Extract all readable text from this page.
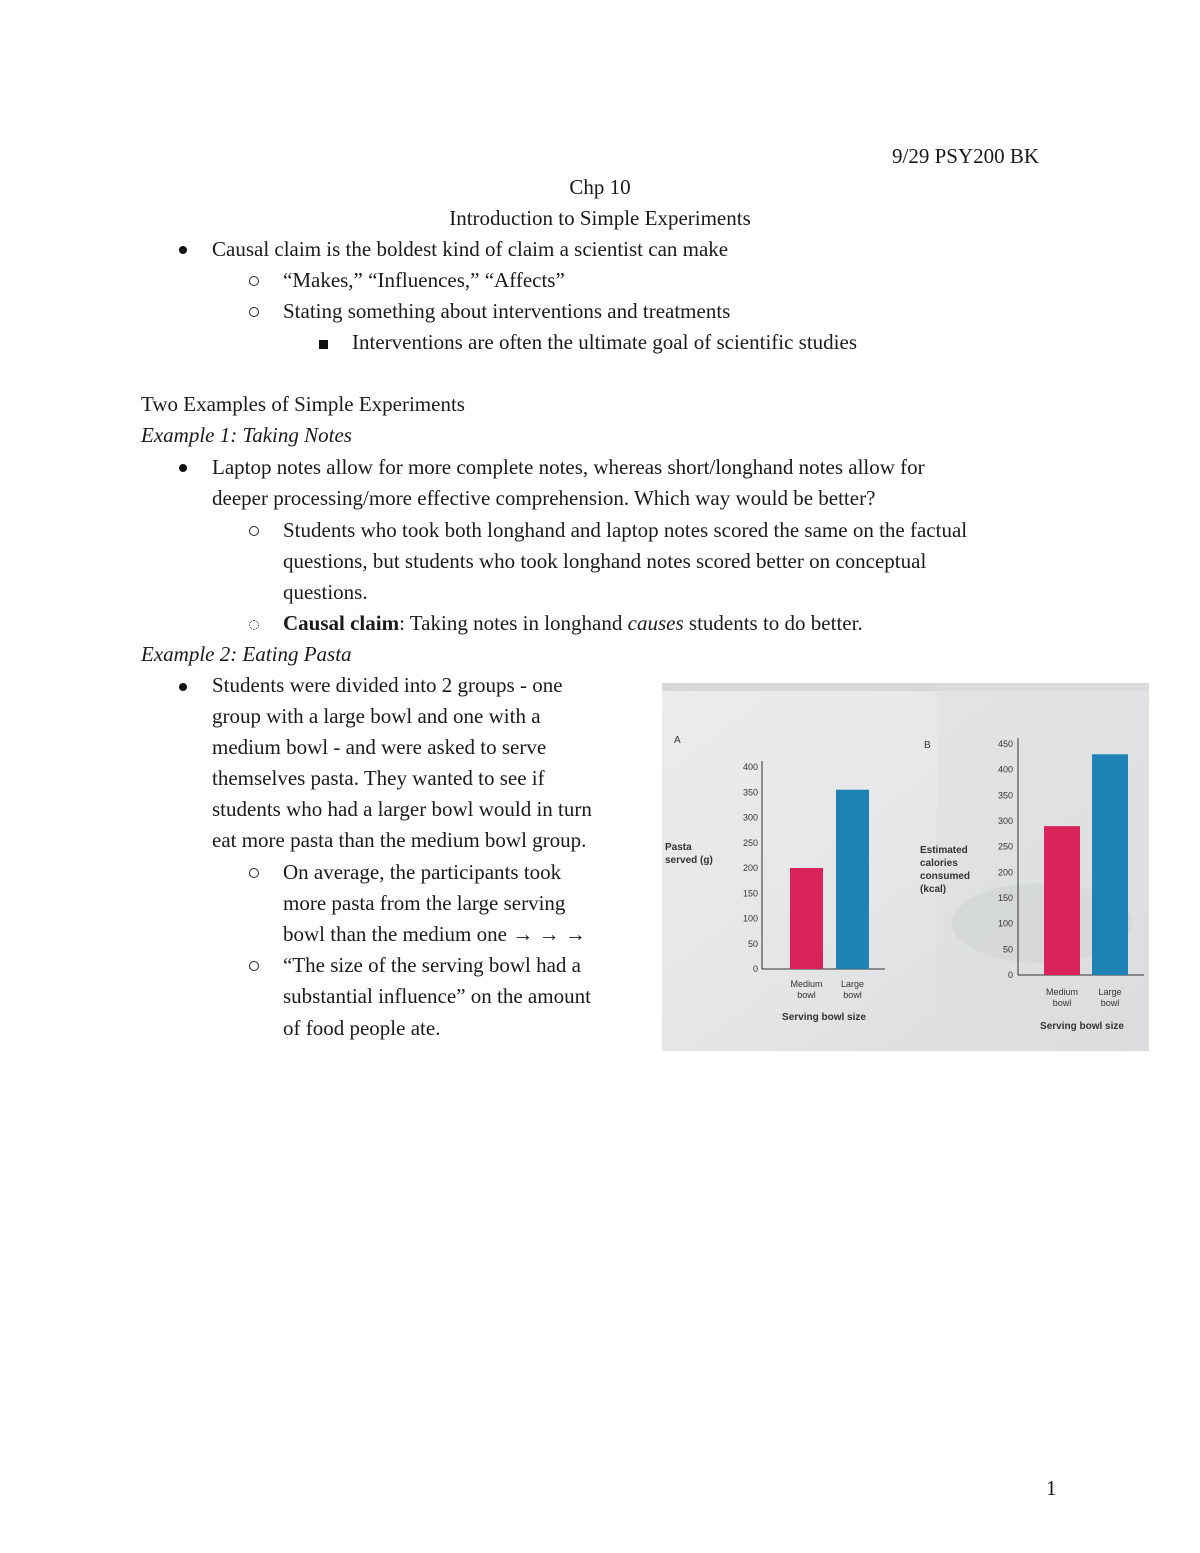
9/29 PSY200 BK

Chp 10

Introduction to Simple Experiments

Causal claim is the boldest kind of claim a scientist can make

“Makes,” “Influences,” “Affects”

Stating something about interventions and treatments

Interventions are often the ultimate goal of scientific studies

Two Examples of Simple Experiments

Example 1: Taking Notes

Laptop notes allow for more complete notes, whereas short/longhand notes allow for

deeper processing/more effective comprehension. Which way would be better?

Students who took both longhand and laptop notes scored the same on the factual

questions, but students who took longhand notes scored better on conceptual

questions.

Causal claim: Taking notes in longhand causes students to do better.

Example 2: Eating Pasta

Students were divided into 2 groups - one

group with a large bowl and one with a

medium bowl - and were asked to serve

themselves pasta. They wanted to see if

students who had a larger bowl would in turn

eat more pasta than the medium bowl group.

On average, the participants took

more pasta from the large serving

bowl than the medium one → → →

“The size of the serving bowl had a

substantial influence” on the amount

of food people ate.

A
0
50
100
150
200
250
300
350
400
Medium
bowl
Large
bowl
Pasta
served (g)
Serving bowl size
B
0
50
100
150
200
250
300
350
400
450
Medium
bowl
Large
bowl
Estimated
calories
consumed
(kcal)
Serving bowl size

1
